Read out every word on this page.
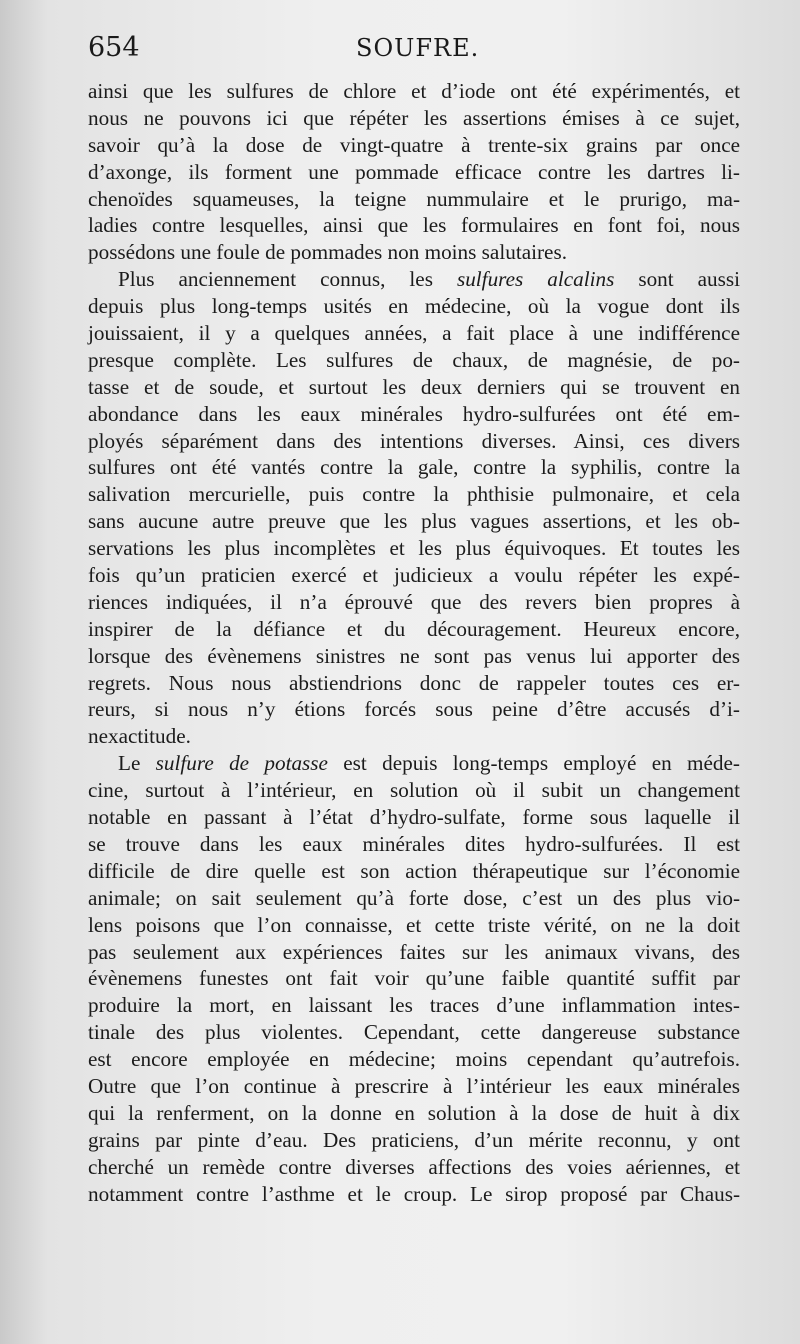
654	SOUFRE.
ainsi que les sulfures de chlore et d’iode ont été expérimentés, et
nous ne pouvons ici que répéter les assertions émises à ce sujet,
savoir qu’à la dose de vingt-quatre à trente-six grains par once
d’axonge, ils forment une pommade efficace contre les dartres li-
chenoïdes squameuses, la teigne nummulaire et le prurigo, ma-
ladies contre lesquelles, ainsi que les formulaires en font foi, nous
possédons une foule de pommades non moins salutaires.
Plus anciennement connus, les sulfures alcalins sont aussi
depuis plus long-temps usités en médecine, où la vogue dont ils
jouissaient, il y a quelques années, a fait place à une indifférence
presque complète. Les sulfures de chaux, de magnésie, de po-
tasse et de soude, et surtout les deux derniers qui se trouvent en
abondance dans les eaux minérales hydro-sulfurées ont été em-
ployés séparément dans des intentions diverses. Ainsi, ces divers
sulfures ont été vantés contre la gale, contre la syphilis, contre la
salivation mercurielle, puis contre la phthisie pulmonaire, et cela
sans aucune autre preuve que les plus vagues assertions, et les ob-
servations les plus incomplètes et les plus équivoques. Et toutes les
fois qu’un praticien exercé et judicieux a voulu répéter les expé-
riences indiquées, il n’a éprouvé que des revers bien propres à
inspirer de la défiance et du découragement. Heureux encore,
lorsque des évènemens sinistres ne sont pas venus lui apporter des
regrets. Nous nous abstiendrions donc de rappeler toutes ces er-
reurs, si nous n’y étions forcés sous peine d’être accusés d’i-
nexactitude.
Le sulfure de potasse est depuis long-temps employé en méde-
cine, surtout à l’intérieur, en solution où il subit un changement
notable en passant à l’état d’hydro-sulfate, forme sous laquelle il
se trouve dans les eaux minérales dites hydro-sulfurées. Il est
difficile de dire quelle est son action thérapeutique sur l’économie
animale; on sait seulement qu’à forte dose, c’est un des plus vio-
lens poisons que l’on connaisse, et cette triste vérité, on ne la doit
pas seulement aux expériences faites sur les animaux vivans, des
évènemens funestes ont fait voir qu’une faible quantité suffit par
produire la mort, en laissant les traces d’une inflammation intes-
tinale des plus violentes. Cependant, cette dangereuse substance
est encore employée en médecine; moins cependant qu’autrefois.
Outre que l’on continue à prescrire à l’intérieur les eaux minérales
qui la renferment, on la donne en solution à la dose de huit à dix
grains par pinte d’eau. Des praticiens, d’un mérite reconnu, y ont
cherché un remède contre diverses affections des voies aériennes, et
notamment contre l’asthme et le croup. Le sirop proposé par Chaus-
